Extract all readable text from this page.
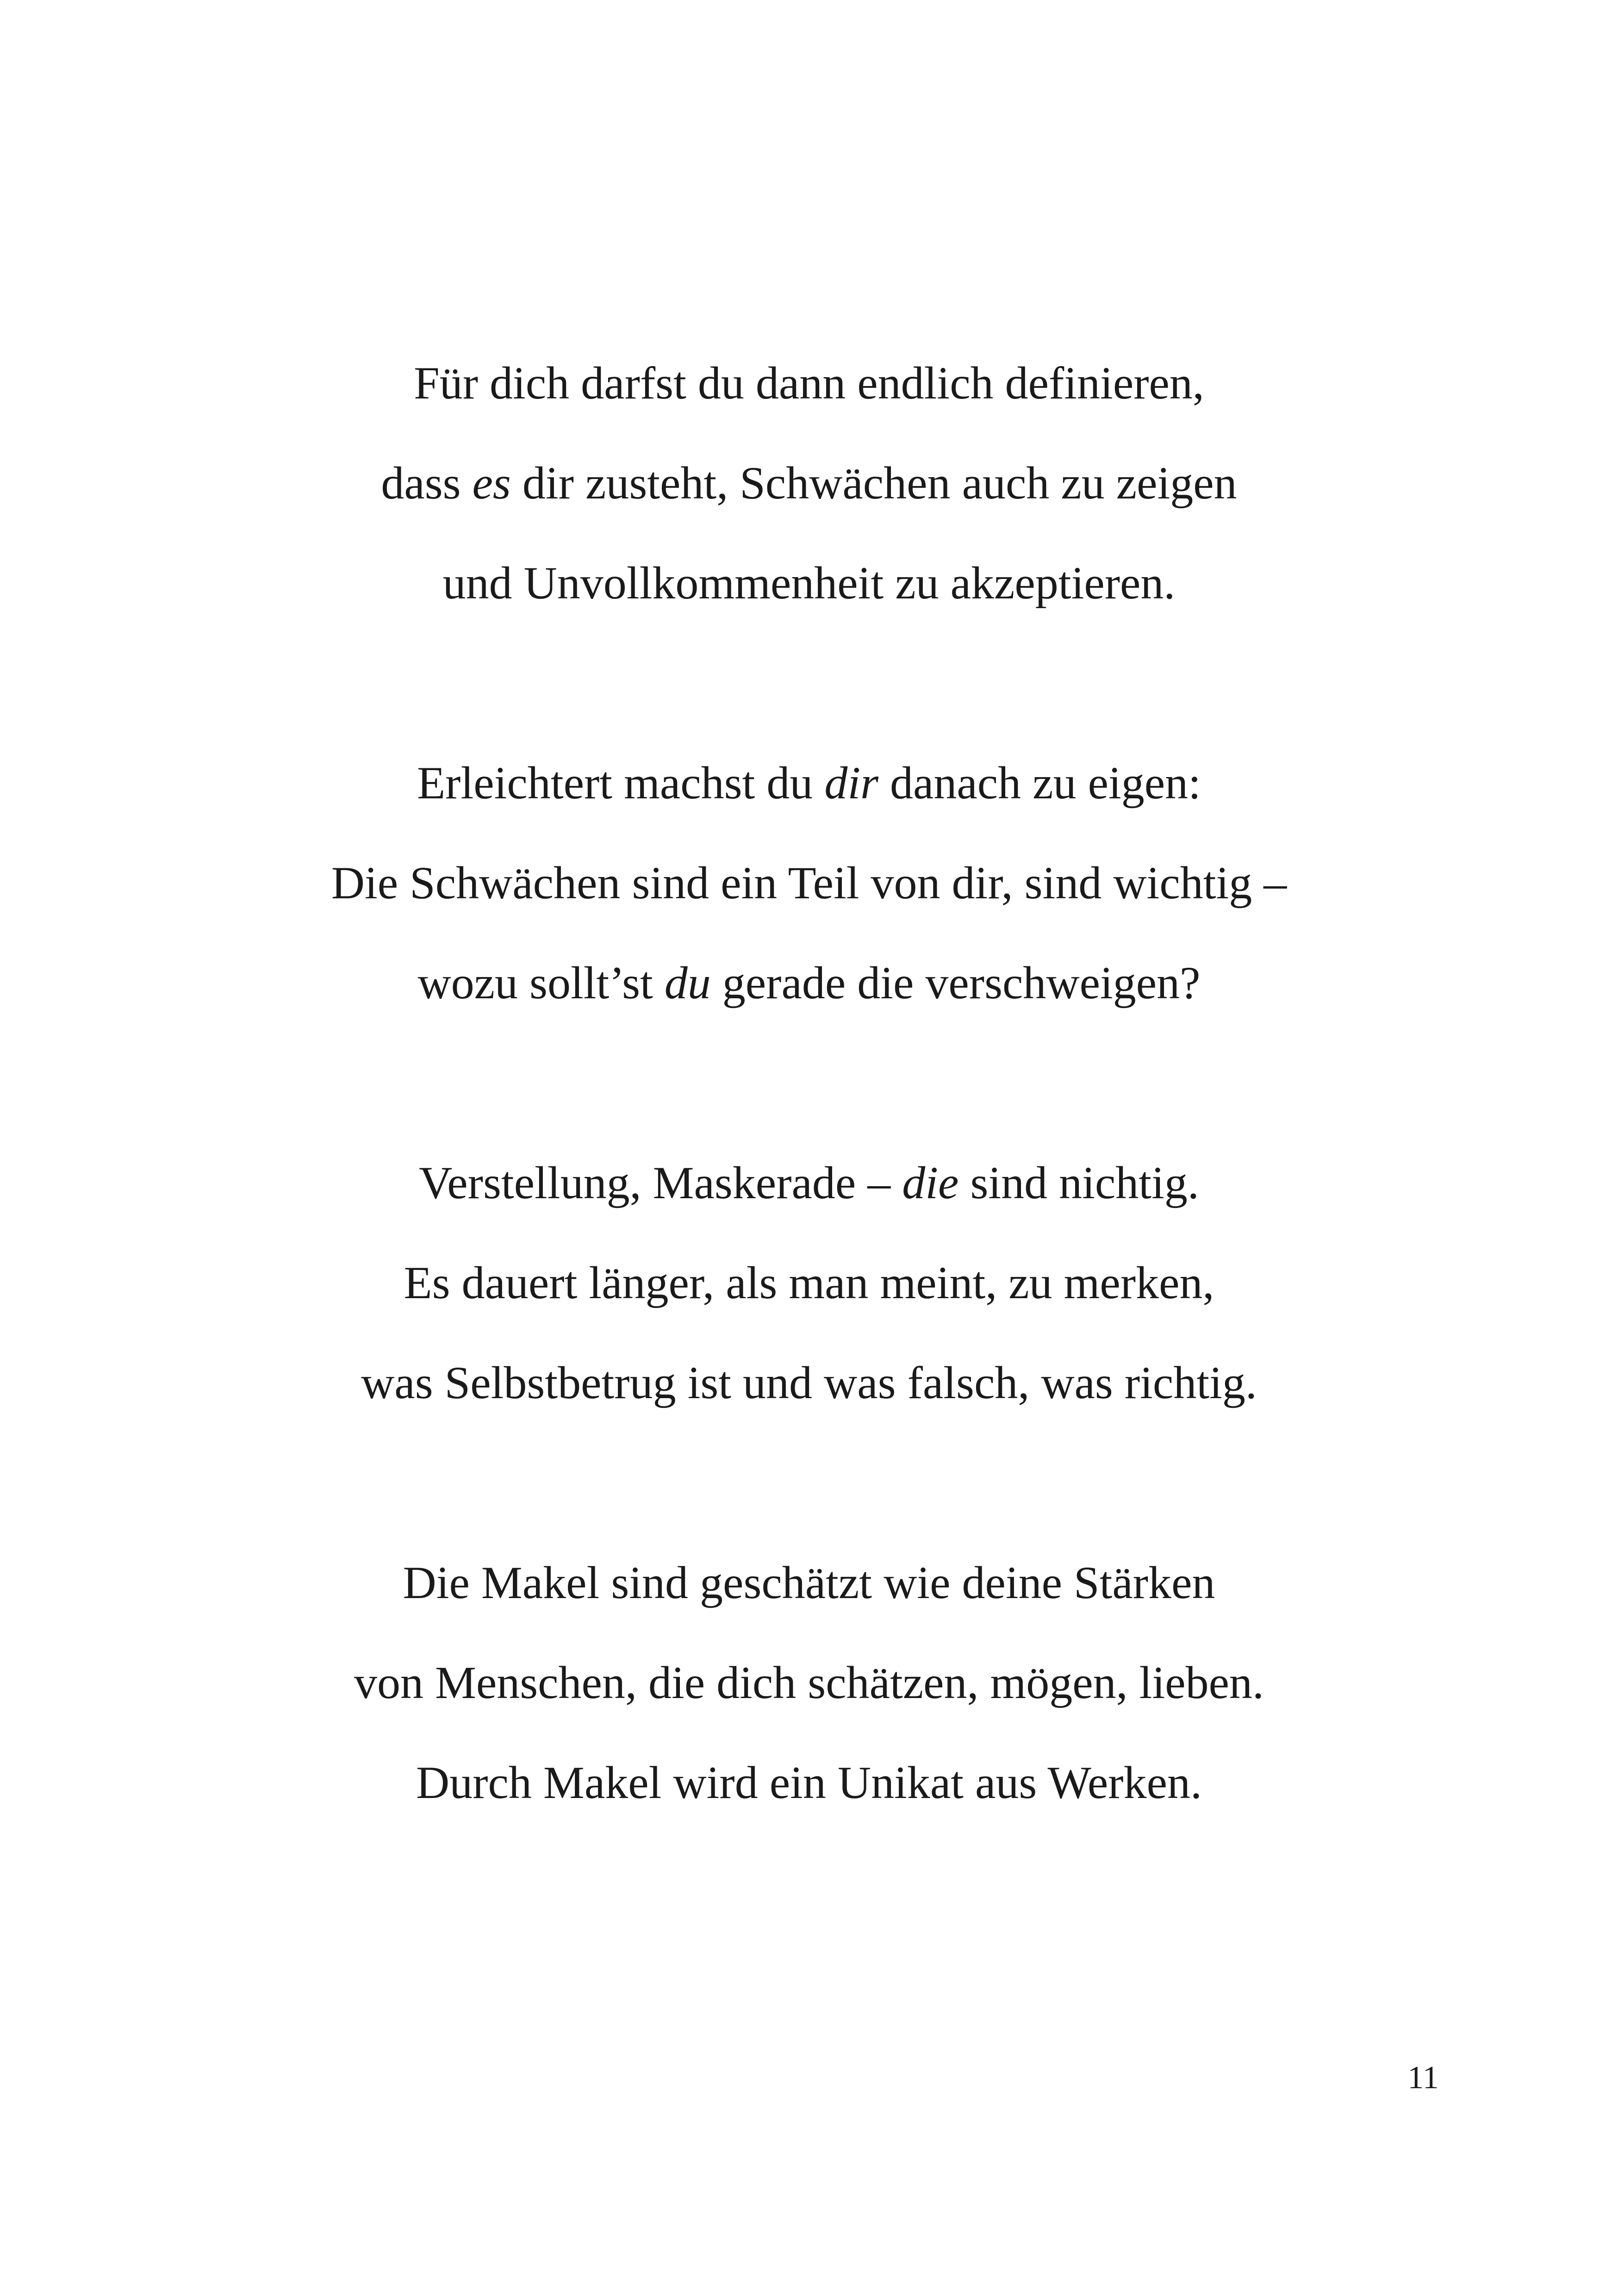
Für dich darfst du dann endlich definieren,
dass es dir zusteht, Schwächen auch zu zeigen
und Unvollkommenheit zu akzeptieren.
Erleichtert machst du dir danach zu eigen:
Die Schwächen sind ein Teil von dir, sind wichtig –
wozu sollt’st du gerade die verschweigen?
Verstellung, Maskerade – die sind nichtig.
Es dauert länger, als man meint, zu merken,
was Selbstbetrug ist und was falsch, was richtig.
Die Makel sind geschätzt wie deine Stärken
von Menschen, die dich schätzen, mögen, lieben.
Durch Makel wird ein Unikat aus Werken.
11
